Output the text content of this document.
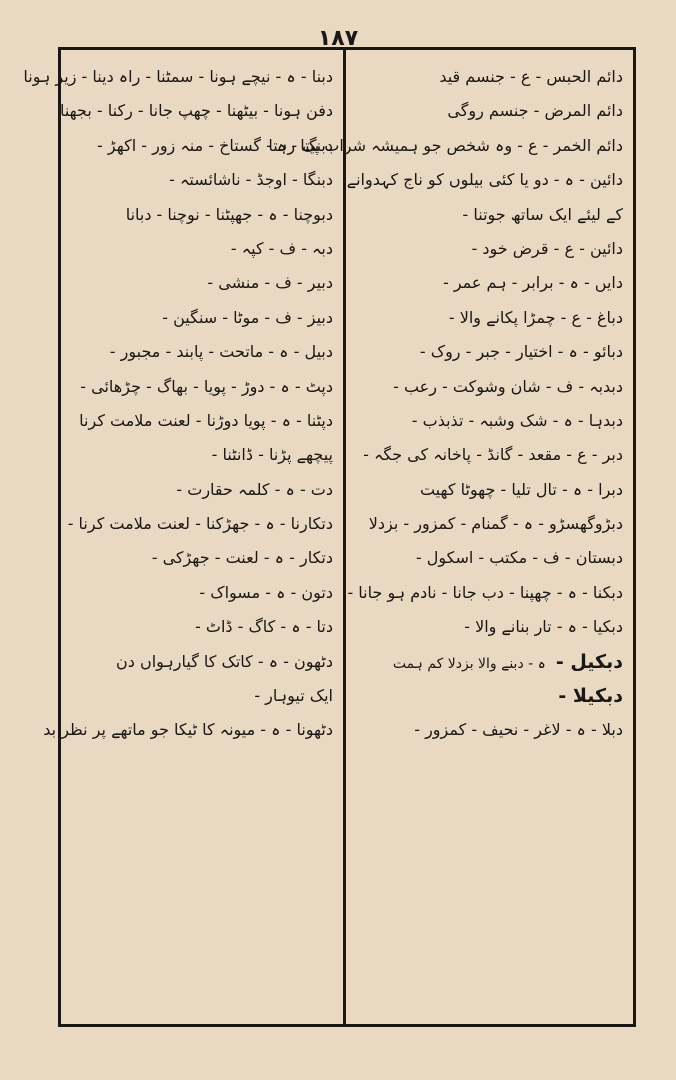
۱۸۷
دائم الحبس - ع - جنسم قید
دائم المرض - جنسم روگی
دائم الخمر - ع - وہ شخص جو ہمیشہ شراب پیتا رہتا
دائین - ہ - دو یا کئی بیلوں کو ناج کہدوانے
کے لیئے ایک ساتھ جوتنا -
دائین - ع - قرض خود -
دایں - ہ - برابر - ہم عمر -
دباغ - ع - چمڑا پکانے والا -
دبائو - ہ - اختیار - جبر - روک -
دبدبہ - ف - شان وشوکت - رعب -
دبدہا - ہ - شک وشبہ - تذبذب -
دبر - ع - مقعد - گانڈ - پاخانہ کی جگہ -
دبرا - ہ - تال تلیا - چھوٹا کھیت
دبڑوگھسڑو - ہ - گمنام - کمزور - بزدلا
دبستان - ف - مکتب - اسکول -
دبکنا - ہ - چھپنا - دب جانا - نادم ہو جانا -
دبکیا - ہ - تار بنانے والا -
دبکیل -ہ - دبنے والا بزدلا کم ہمت
دبکیلا -
دبلا - ہ - لاغر - نحیف - کمزور -
دبنا - ہ - نیچے ہونا - سمٹنا - راہ دینا - زیر ہونا
دفن ہونا - بیٹھنا - چھپ جانا - رکنا - بجھنا
دبنگ - ہ - گستاخ - منہ زور - اکھڑ -
دبنگا - اوجڈ - ناشائستہ -
دبوچنا - ہ - جھپٹنا - نوچنا - دبانا
دبہ - ف - کپہ -
دبیر - ف - منشی -
دبیز - ف - موٹا - سنگین -
دبیل - ہ - ماتحت - پابند - مجبور -
دپٹ - ہ - دوڑ - پویا - بھاگ - چڑھائی -
دپٹنا - ہ - پویا دوڑنا - لعنت ملامت کرنا
پیچھے پڑنا - ڈانٹنا -
دت - ہ - کلمہ حقارت -
دتکارنا - ہ - جھڑکنا - لعنت ملامت کرنا -
دتکار - ہ - لعنت - جھڑکی -
دتون - ہ - مسواک -
دتا - ہ - کاگ - ڈاٹ -
دٹھون - ہ - کاتک کا گیارہواں دن
ایک تیوہار -
دٹھونا - ہ - میونہ کا ٹیکا جو ماتھے پر نظر بد
